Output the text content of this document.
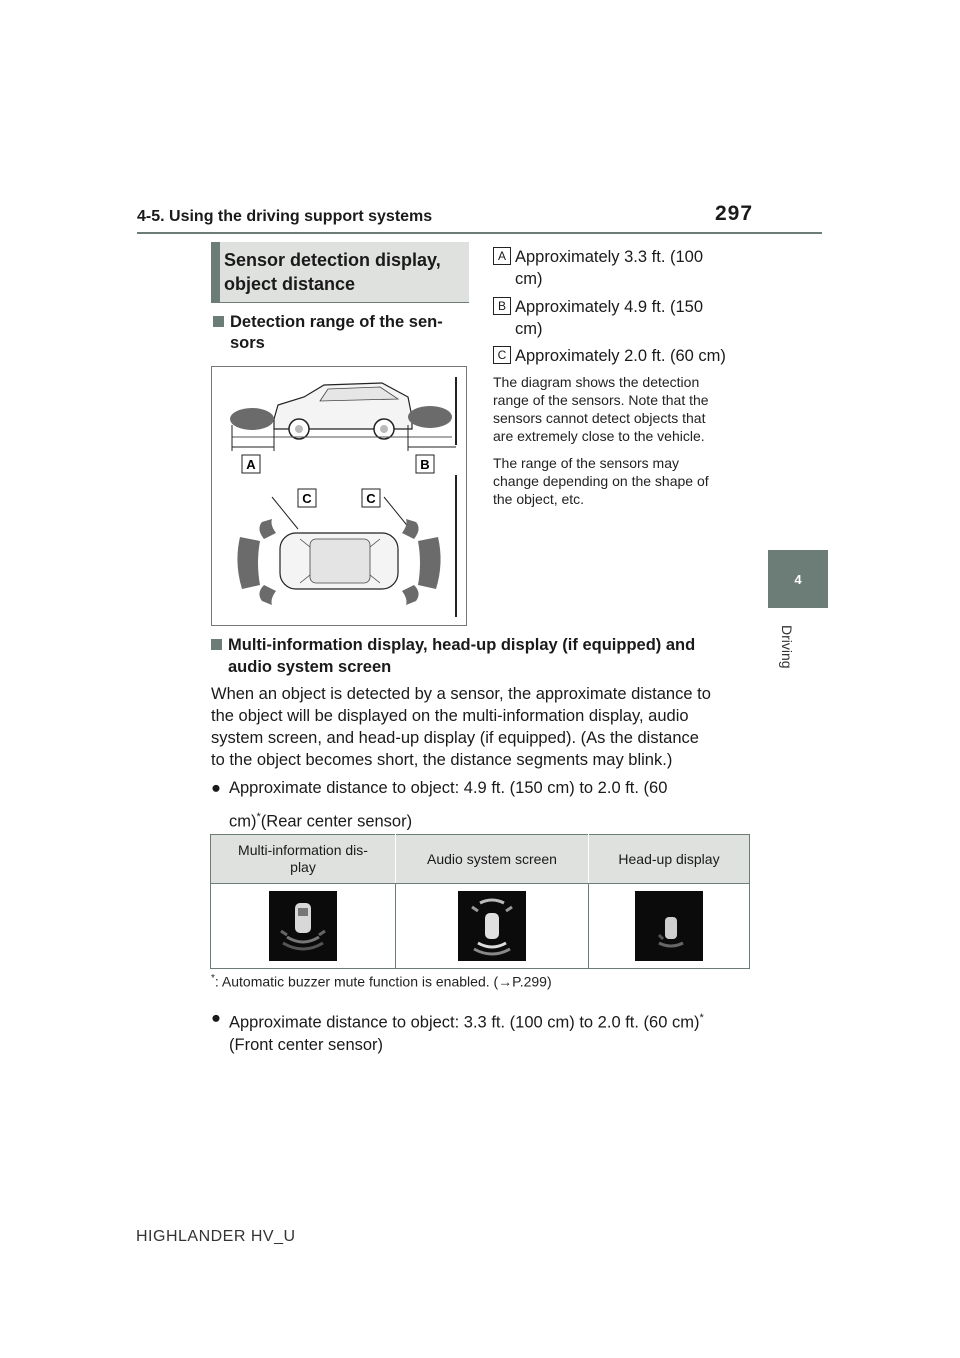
4-5. Using the driving support systems	297
4
Driving
Sensor detection display,
object distance
Detection range of the sen-
sors
A	B
C	C
A Approximately 3.3 ft. (100
cm)
B Approximately 4.9 ft. (150
cm)
C Approximately 2.0 ft. (60 cm)
The diagram shows the detection
range of the sensors. Note that the
sensors cannot detect objects that
are extremely close to the vehicle.
The range of the sensors may
change depending on the shape of
the object, etc.
Multi-information display, head-up display (if equipped) and
audio system screen
When an object is detected by a sensor, the approximate distance to
the object will be displayed on the multi-information display, audio
system screen, and head-up display (if equipped). (As the distance
to the object becomes short, the distance segments may blink.)
● Approximate distance to object: 4.9 ft. (150 cm) to 2.0 ft. (60
cm)*(Rear center sensor)
Multi-information dis-
play	Audio system screen	Head-up display

*: Automatic buzzer mute function is enabled. (→P.299)
● Approximate distance to object: 3.3 ft. (100 cm) to 2.0 ft. (60 cm)*
(Front center sensor)
HIGHLANDER HV_U
